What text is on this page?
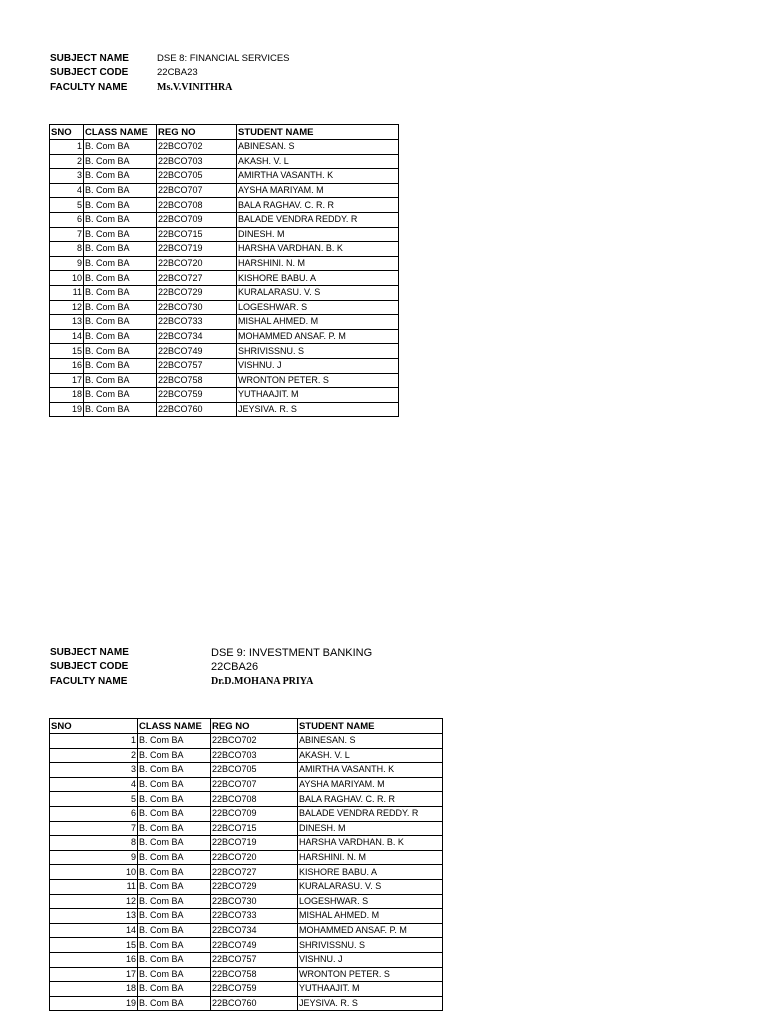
SUBJECT NAME	DSE 8: FINANCIAL SERVICES
SUBJECT CODE	22CBA23
FACULTY NAME	Ms.V.VINITHRA
SNO	CLASS NAME	REG NO	STUDENT NAME
1	B. Com BA	22BCO702	ABINESAN. S
2	B. Com BA	22BCO703	AKASH. V. L
3	B. Com BA	22BCO705	AMIRTHA VASANTH. K
4	B. Com BA	22BCO707	AYSHA MARIYAM. M
5	B. Com BA	22BCO708	BALA RAGHAV. C. R. R
6	B. Com BA	22BCO709	BALADE VENDRA REDDY. R
7	B. Com BA	22BCO715	DINESH. M
8	B. Com BA	22BCO719	HARSHA VARDHAN. B. K
9	B. Com BA	22BCO720	HARSHINI. N. M
10	B. Com BA	22BCO727	KISHORE BABU. A
11	B. Com BA	22BCO729	KURALARASU. V. S
12	B. Com BA	22BCO730	LOGESHWAR. S
13	B. Com BA	22BCO733	MISHAL AHMED. M
14	B. Com BA	22BCO734	MOHAMMED ANSAF. P. M
15	B. Com BA	22BCO749	SHRIVISSNU. S
16	B. Com BA	22BCO757	VISHNU. J
17	B. Com BA	22BCO758	WRONTON PETER. S
18	B. Com BA	22BCO759	YUTHAAJIT. M
19	B. Com BA	22BCO760	JEYSIVA. R. S
SUBJECT NAME	DSE 9: INVESTMENT BANKING
SUBJECT CODE	22CBA26
FACULTY NAME	Dr.D.MOHANA PRIYA
SNO	CLASS NAME	REG NO	STUDENT NAME
1	B. Com BA	22BCO702	ABINESAN. S
2	B. Com BA	22BCO703	AKASH. V. L
3	B. Com BA	22BCO705	AMIRTHA VASANTH. K
4	B. Com BA	22BCO707	AYSHA MARIYAM. M
5	B. Com BA	22BCO708	BALA RAGHAV. C. R. R
6	B. Com BA	22BCO709	BALADE VENDRA REDDY. R
7	B. Com BA	22BCO715	DINESH. M
8	B. Com BA	22BCO719	HARSHA VARDHAN. B. K
9	B. Com BA	22BCO720	HARSHINI. N. M
10	B. Com BA	22BCO727	KISHORE BABU. A
11	B. Com BA	22BCO729	KURALARASU. V. S
12	B. Com BA	22BCO730	LOGESHWAR. S
13	B. Com BA	22BCO733	MISHAL AHMED. M
14	B. Com BA	22BCO734	MOHAMMED ANSAF. P. M
15	B. Com BA	22BCO749	SHRIVISSNU. S
16	B. Com BA	22BCO757	VISHNU. J
17	B. Com BA	22BCO758	WRONTON PETER. S
18	B. Com BA	22BCO759	YUTHAAJIT. M
19	B. Com BA	22BCO760	JEYSIVA. R. S
